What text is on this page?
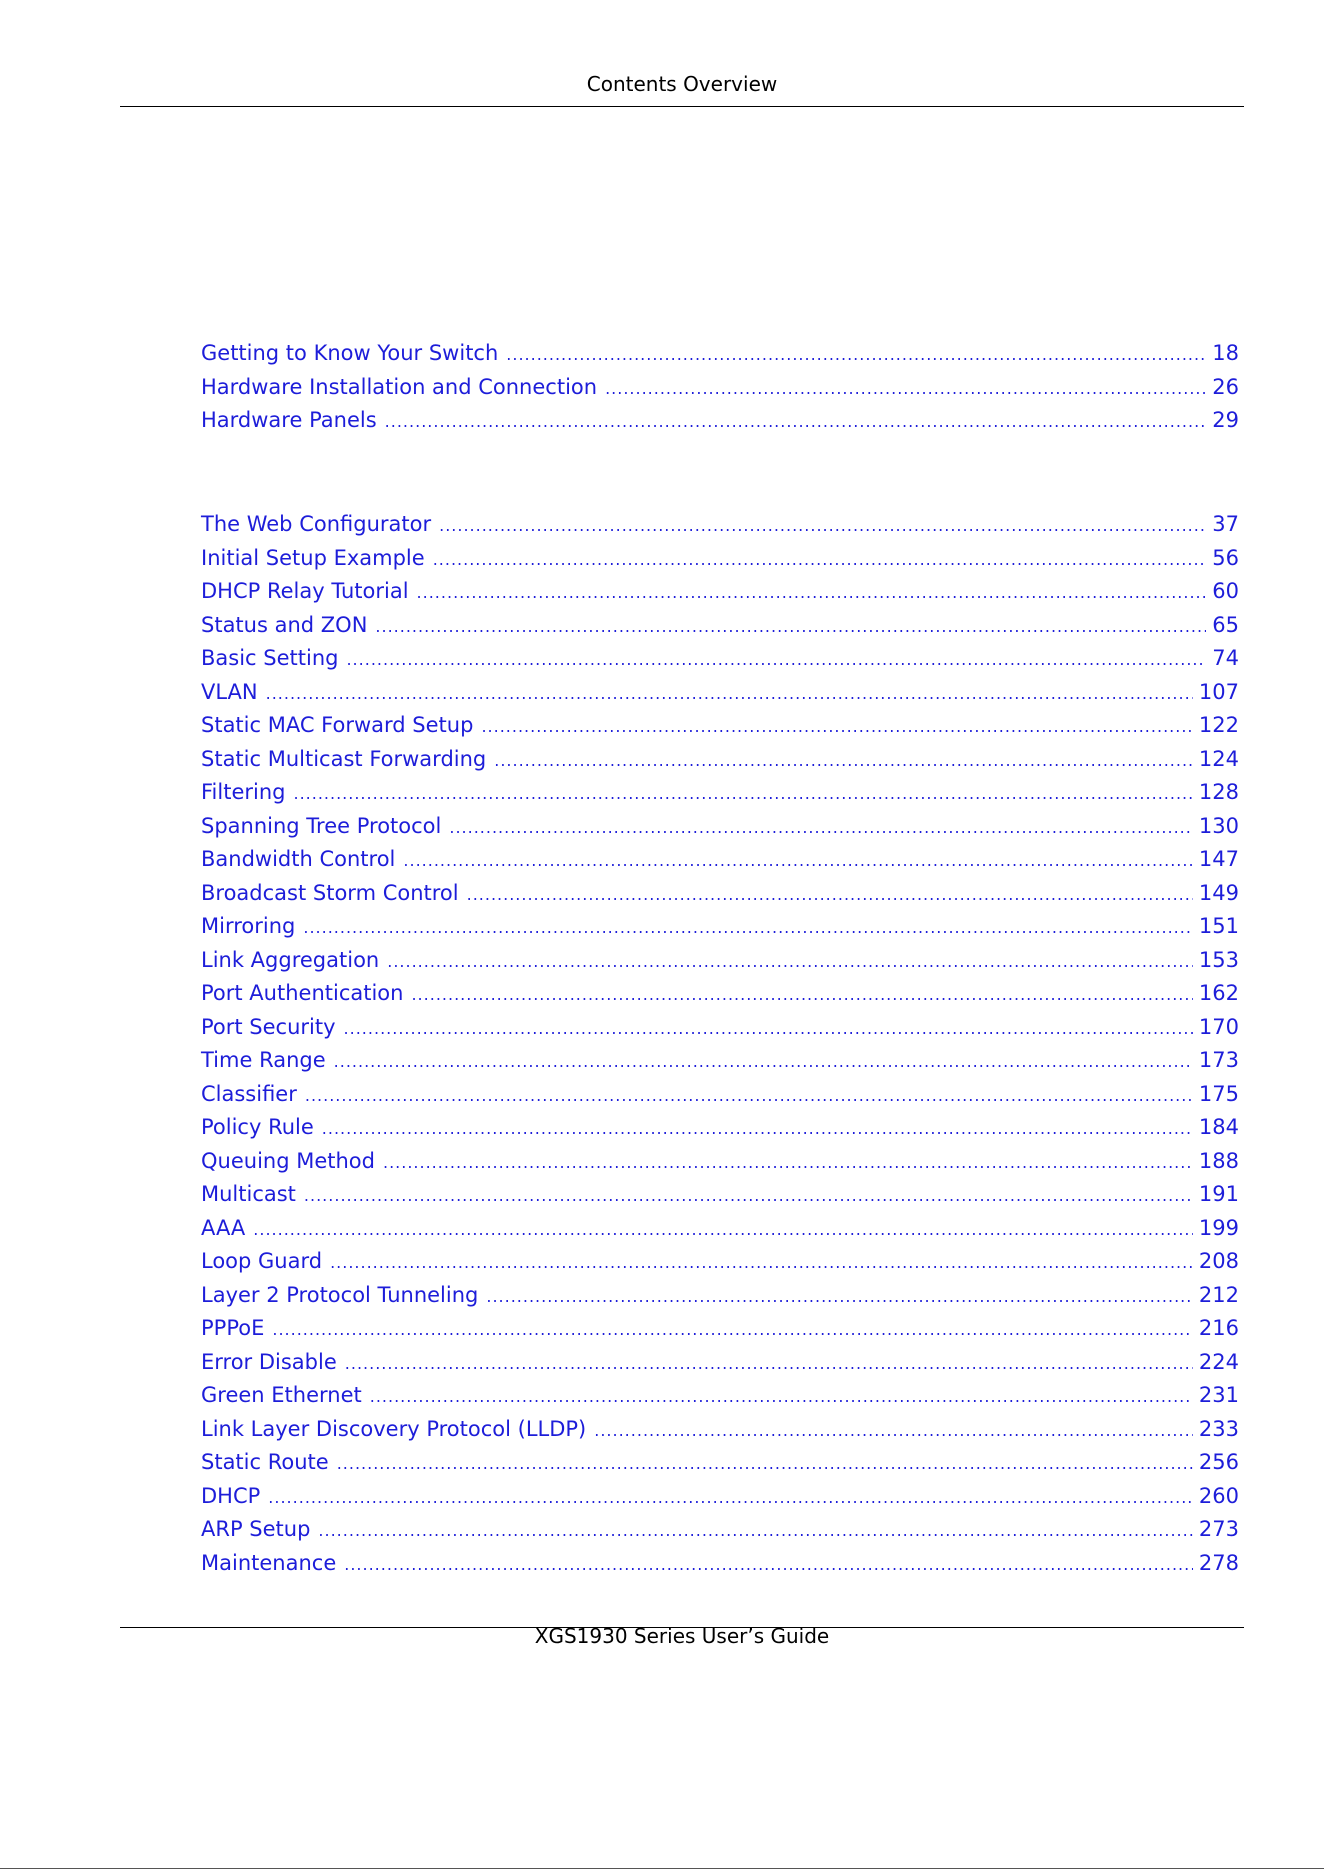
Contents Overview
Getting to Know Your Switch .....	18
Hardware Installation and Connection .....	26
Hardware Panels .....	29
The Web Configurator .....	37
Initial Setup Example .....	56
DHCP Relay Tutorial .....	60
Status and ZON .....	65
Basic Setting .....	74
VLAN .....	107
Static MAC Forward Setup .....	122
Static Multicast Forwarding .....	124
Filtering .....	128
Spanning Tree Protocol .....	130
Bandwidth Control .....	147
Broadcast Storm Control .....	149
Mirroring .....	151
Link Aggregation .....	153
Port Authentication .....	162
Port Security .....	170
Time Range .....	173
Classifier .....	175
Policy Rule .....	184
Queuing Method .....	188
Multicast .....	191
AAA .....	199
Loop Guard .....	208
Layer 2 Protocol Tunneling .....	212
PPPoE .....	216
Error Disable .....	224
Green Ethernet .....	231
Link Layer Discovery Protocol (LLDP) .....	233
Static Route .....	256
DHCP .....	260
ARP Setup .....	273
Maintenance .....	278
XGS1930 Series User’s Guide
